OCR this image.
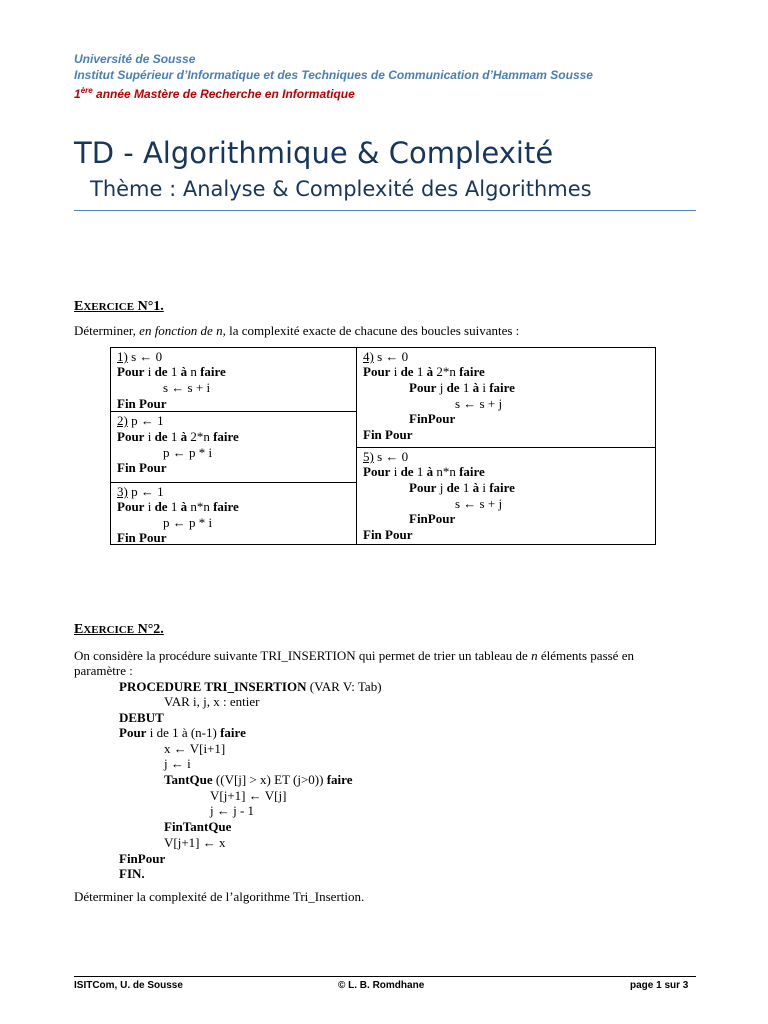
Université de Sousse
Institut Supérieur d’Informatique et des Techniques de Communication d’Hammam Sousse
1ère année Mastère de Recherche en Informatique
TD - Algorithmique & Complexité
Thème : Analyse & Complexité des Algorithmes
EXERCICE N°1.
Déterminer, en fonction de n, la complexité exacte de chacune des boucles suivantes :
1) s ← 0
Pour i de 1 à n faire
s ← s + i
Fin Pour
2) p ← 1
Pour i de 1 à 2*n faire
p ← p * i
Fin Pour
3) p ← 1
Pour i de 1 à n*n faire
p ← p * i
Fin Pour
4) s ← 0
Pour i de 1 à 2*n faire
Pour j de 1 à i faire
s ← s + j
FinPour
Fin Pour
5) s ← 0
Pour i de 1 à n*n faire
Pour j de 1 à i faire
s ← s + j
FinPour
Fin Pour
EXERCICE N°2.
On considère la procédure suivante TRI_INSERTION qui permet de trier un tableau de n éléments passé en
paramètre :
PROCEDURE TRI_INSERTION (VAR V: Tab)
VAR i, j, x : entier
DEBUT
Pour i de 1 à (n-1) faire
x ← V[i+1]
j ← i
TantQue ((V[j] > x) ET (j>0)) faire
V[j+1] ← V[j]
j ← j - 1
FinTantQue
V[j+1] ← x
FinPour
FIN.
Déterminer la complexité de l’algorithme Tri_Insertion.
ISITCom, U. de Sousse	© L. B. Romdhane	page 1 sur 3
